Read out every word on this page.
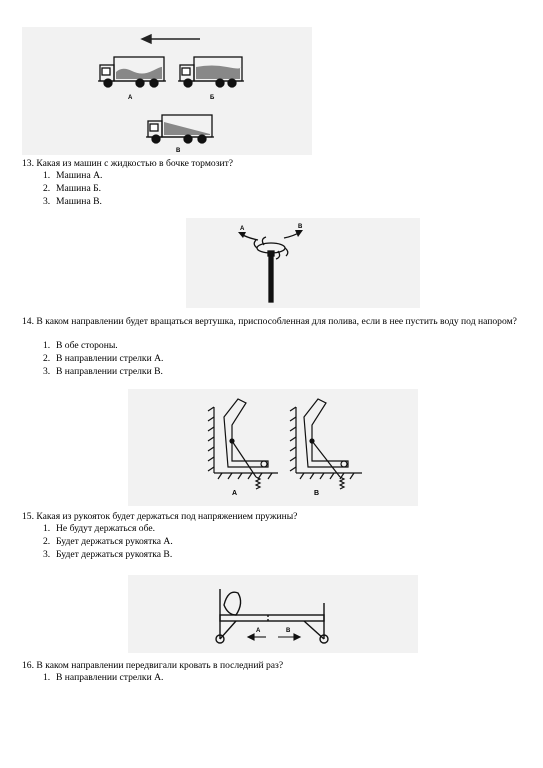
А	Б
В

13. Какая из машин с жидкостью в бочке тормозит?

1. Машина А.
2. Машина Б.
3. Машина В.
А	В

14. В каком направлении будет вращаться вертушка, приспособленная для полива, если в нее пустить воду под напором?

1. В обе стороны.
2. В направлении стрелки А.
3. В направлении стрелки В.
А	В

15. Какая из рукояток будет держаться под напряжением пружины?

1. Не будут держаться обе.
2. Будет держаться рукоятка А.
3. Будет держаться рукоятка В.
А	В

16. В каком направлении передвигали кровать в последний раз?

1. В направлении стрелки А.
